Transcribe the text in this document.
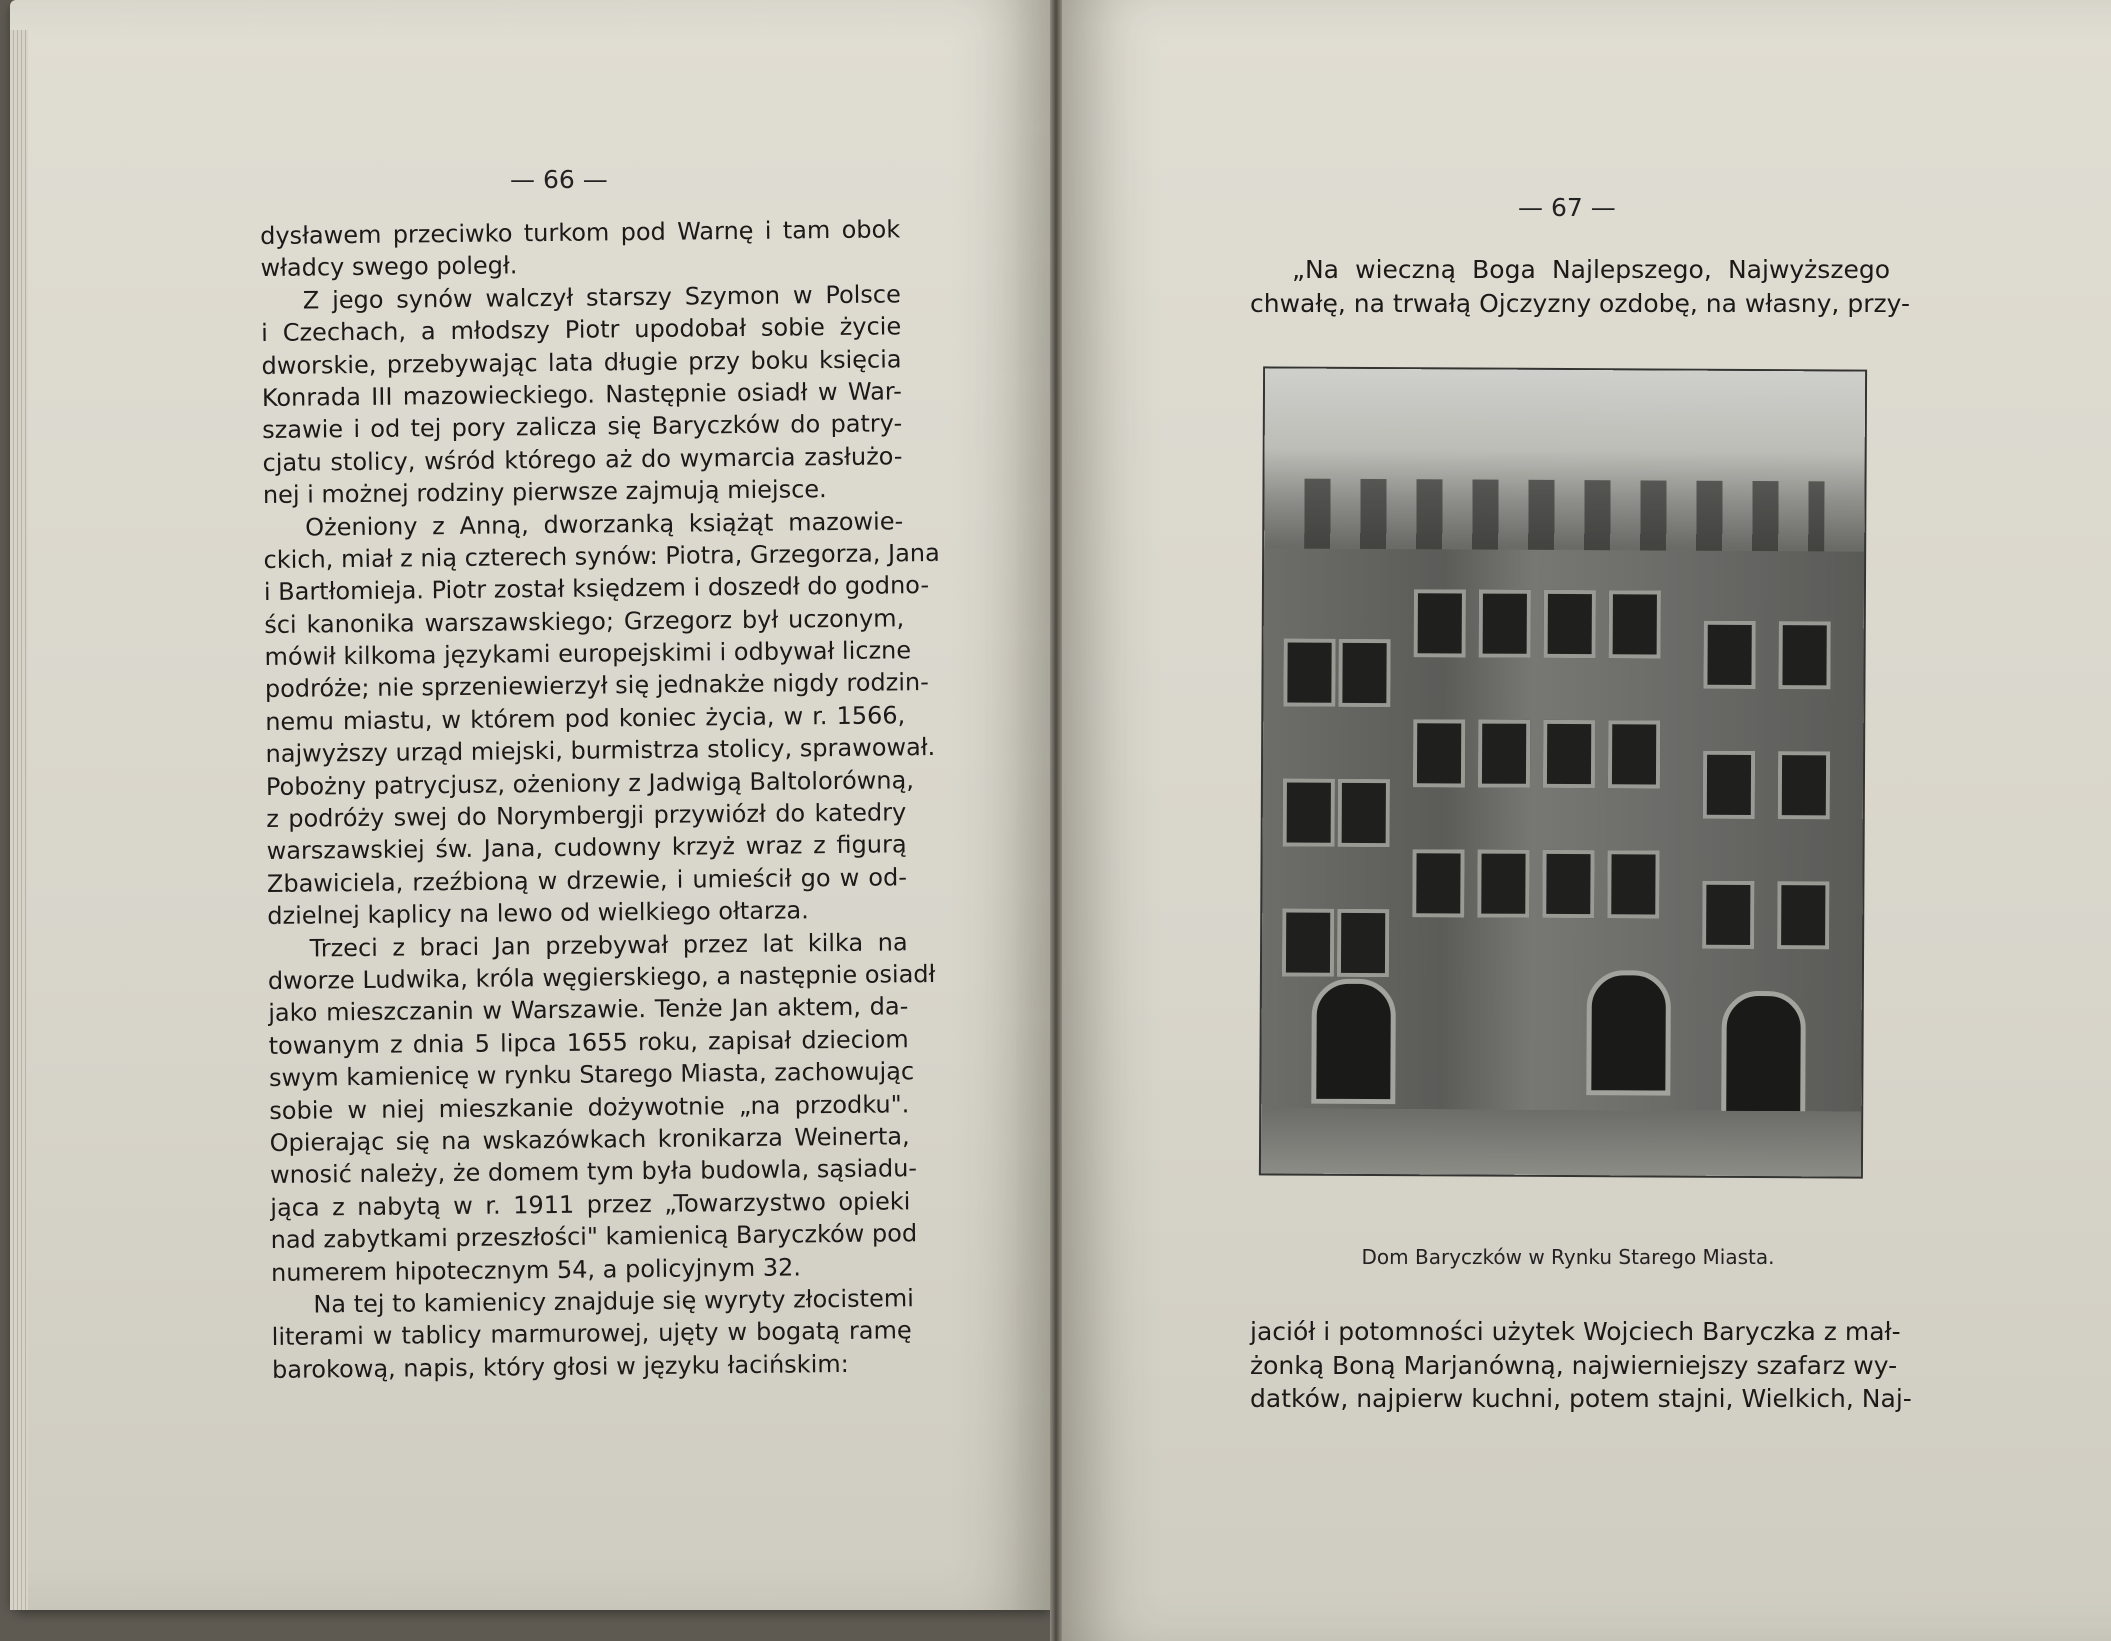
— 66 —
dysławem przeciwko turkom pod Warnę i tam obok
władcy swego poległ.
Z jego synów walczył starszy Szymon w Polsce
i Czechach, a młodszy Piotr upodobał sobie życie
dworskie, przebywając lata długie przy boku księcia
Konrada III mazowieckiego. Następnie osiadł w War-
szawie i od tej pory zalicza się Baryczków do patry-
cjatu stolicy, wśród którego aż do wymarcia zasłużo-
nej i możnej rodziny pierwsze zajmują miejsce.
Ożeniony z Anną, dworzanką książąt mazowie-
ckich, miał z nią czterech synów: Piotra, Grzegorza, Jana
i Bartłomieja. Piotr został księdzem i doszedł do godno-
ści kanonika warszawskiego; Grzegorz był uczonym,
mówił kilkoma językami europejskimi i odbywał liczne
podróże; nie sprzeniewierzył się jednakże nigdy rodzin-
nemu miastu, w którem pod koniec życia, w r. 1566,
najwyższy urząd miejski, burmistrza stolicy, sprawował.
Pobożny patrycjusz, ożeniony z Jadwigą Baltolorówną,
z podróży swej do Norymbergji przywiózł do katedry
warszawskiej św. Jana, cudowny krzyż wraz z figurą
Zbawiciela, rzeźbioną w drzewie, i umieścił go w od-
dzielnej kaplicy na lewo od wielkiego ołtarza.
Trzeci z braci Jan przebywał przez lat kilka na
dworze Ludwika, króla węgierskiego, a następnie osiadł
jako mieszczanin w Warszawie. Tenże Jan aktem, da-
towanym z dnia 5 lipca 1655 roku, zapisał dzieciom
swym kamienicę w rynku Starego Miasta, zachowując
sobie w niej mieszkanie dożywotnie „na przodku".
Opierając się na wskazówkach kronikarza Weinerta,
wnosić należy, że domem tym była budowla, sąsiadu-
jąca z nabytą w r. 1911 przez „Towarzystwo opieki
nad zabytkami przeszłości" kamienicą Baryczków pod
numerem hipotecznym 54, a policyjnym 32.
Na tej to kamienicy znajduje się wyryty złocistemi
literami w tablicy marmurowej, ujęty w bogatą ramę
barokową, napis, który głosi w języku łacińskim:
— 67 —
„Na wieczną Boga Najlepszego, Najwyższego
chwałę, na trwałą Ojczyzny ozdobę, na własny, przy-
jaciół i potomności użytek Wojciech Baryczka z mał-
żonką Boną Marjanówną, najwierniejszy szafarz wy-
datków, najpierw kuchni, potem stajni, Wielkich, Naj-
Dom Baryczków w Rynku Starego Miasta.
